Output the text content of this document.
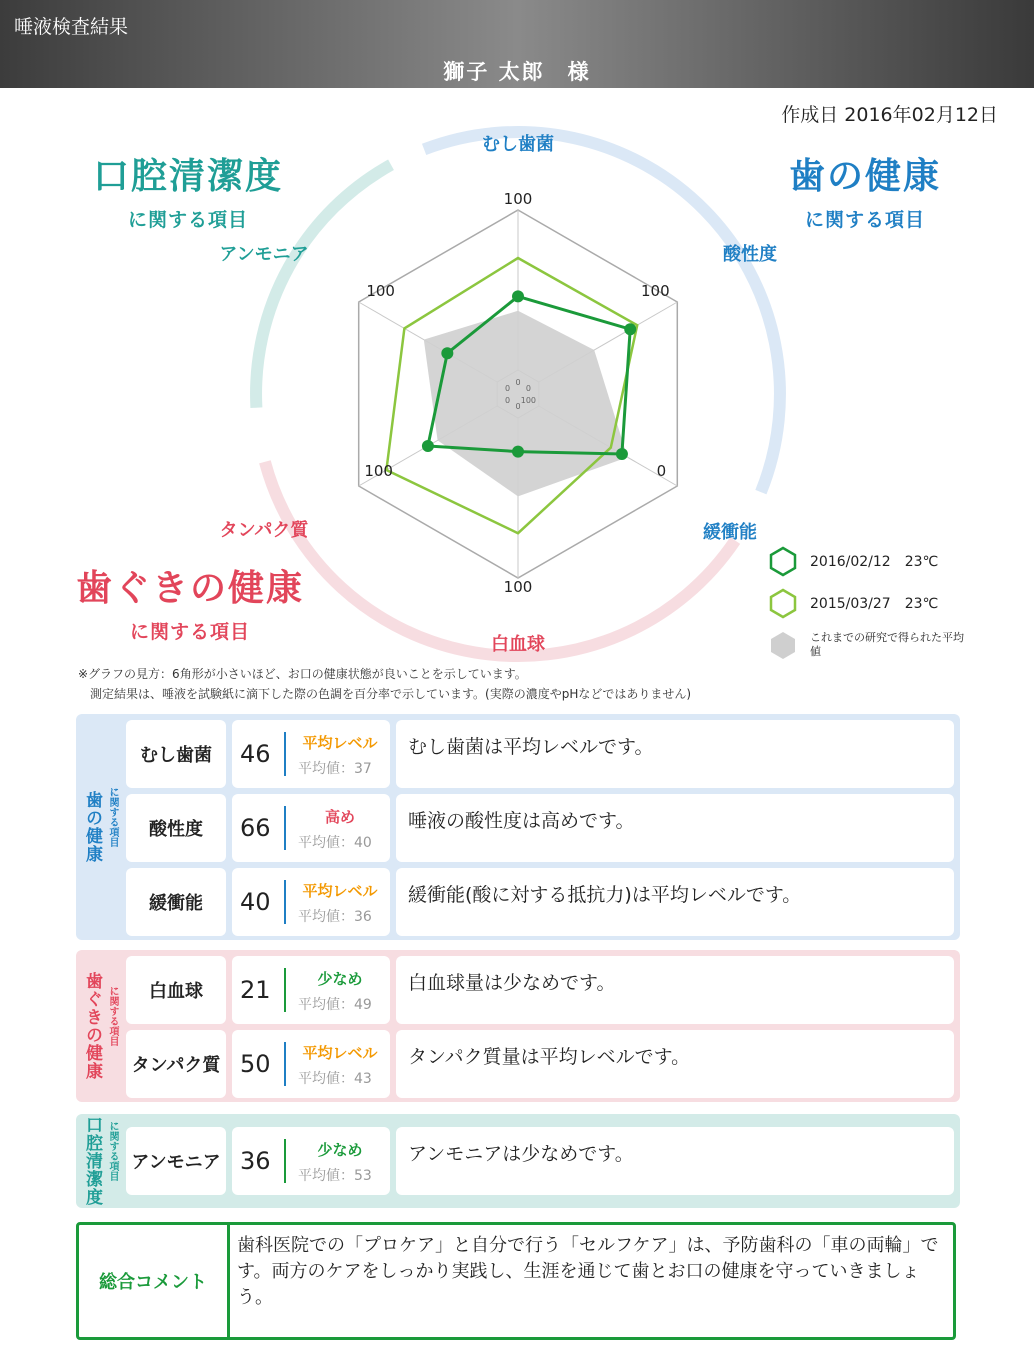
唾液検査結果
獅子 太郎　様
作成日 2016年02月12日
口腔清潔度
に関する項目
歯の健康
に関する項目
歯ぐきの健康
に関する項目
100
むし歯菌
0
100
酸性度
0
0
緩衝能
100
100
白血球
0
100
タンパク質
0
100
アンモニア
0
2016/02/12　23℃
2015/03/27　23℃
これまでの研究で得られた平均値
※グラフの見方：6角形が小さいほど、お口の健康状態が良いことを示しています。
測定結果は、唾液を試験紙に滴下した際の色調を百分率で示しています。(実際の濃度やpHなどではありません)
歯の健康 に関する項目
むし歯菌	46	平均レベル
平均値：37
むし歯菌は平均レベルです。
酸性度	66	高め
平均値：40
唾液の酸性度は高めです。
緩衝能	40	平均レベル
平均値：36
緩衝能(酸に対する抵抗力)は平均レベルです。
歯ぐきの健康 に関する項目	白血球	21	少なめ
平均値：49
白血球量は少なめです。
タンパク質 50	平均レベル
平均値：43
タンパク質量は平均レベルです。
口腔清潔度 に関する項目 アンモニア 36	少なめ
平均値：53
アンモニアは少なめです。
総合コメント
歯科医院での「プロケア」と自分で行う「セルフケア」は、予防歯科の「車の両輪」です。両方のケアをしっかり実践し、生涯を通じて歯とお口の健康を守っていきましょう。
